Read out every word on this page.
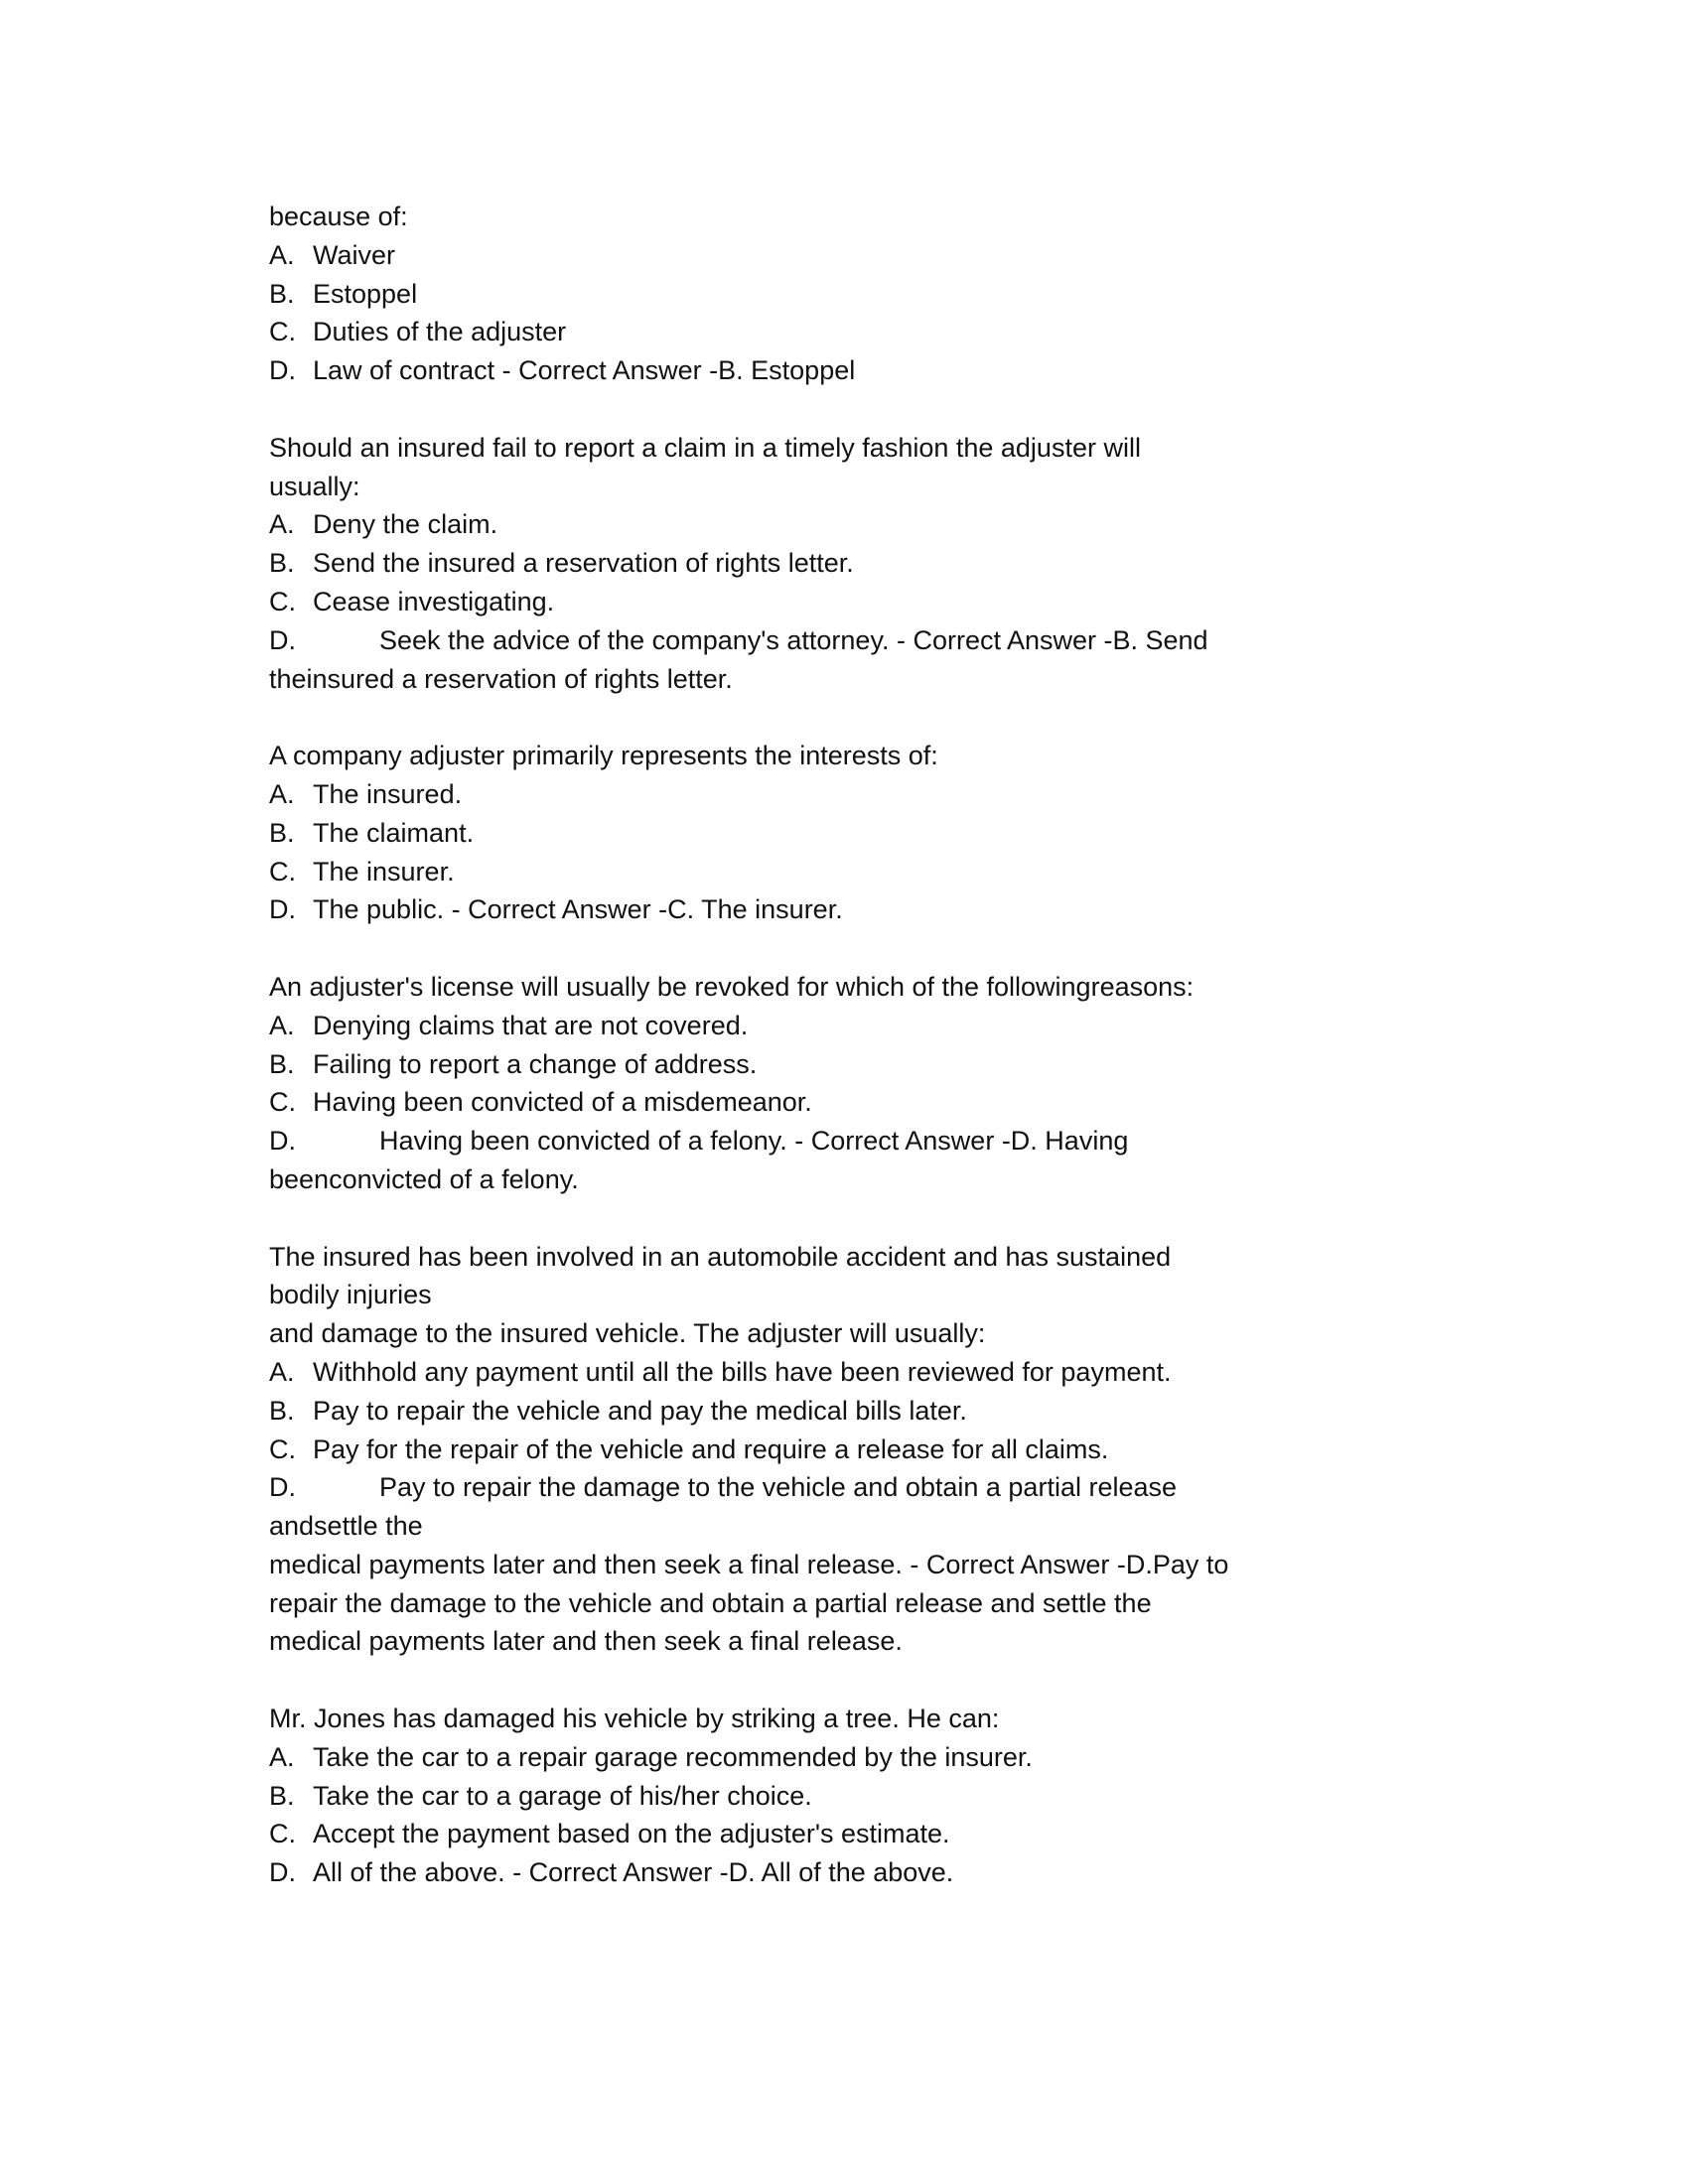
because of:
A. Waiver
B. Estoppel
C. Duties of the adjuster
D. Law of contract - Correct Answer -B. Estoppel
Should an insured fail to report a claim in a timely fashion the adjuster will
usually:
A. Deny the claim.
B. Send the insured a reservation of rights letter.
C. Cease investigating.
D.	Seek the advice of the company's attorney. - Correct Answer -B. Send
theinsured a reservation of rights letter.
A company adjuster primarily represents the interests of:
A. The insured.
B. The claimant.
C. The insurer.
D. The public. - Correct Answer -C. The insurer.
An adjuster's license will usually be revoked for which of the followingreasons:
A. Denying claims that are not covered.
B. Failing to report a change of address.
C. Having been convicted of a misdemeanor.
D.	Having been convicted of a felony. - Correct Answer -D. Having
beenconvicted of a felony.
The insured has been involved in an automobile accident and has sustained
bodily injuries
and damage to the insured vehicle. The adjuster will usually:
A. Withhold any payment until all the bills have been reviewed for payment.
B. Pay to repair the vehicle and pay the medical bills later.
C. Pay for the repair of the vehicle and require a release for all claims.
D.	Pay to repair the damage to the vehicle and obtain a partial release
andsettle the
medical payments later and then seek a final release. - Correct Answer -D.Pay to
repair the damage to the vehicle and obtain a partial release and settle the
medical payments later and then seek a final release.
Mr. Jones has damaged his vehicle by striking a tree. He can:
A. Take the car to a repair garage recommended by the insurer.
B. Take the car to a garage of his/her choice.
C. Accept the payment based on the adjuster's estimate.
D. All of the above. - Correct Answer -D. All of the above.
